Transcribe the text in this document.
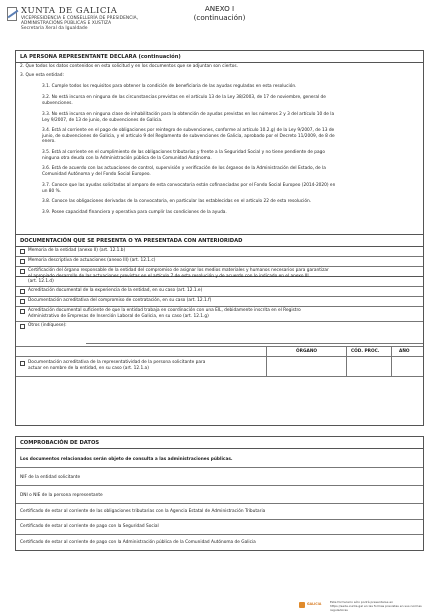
XUNTA DE GALICIA
VICEPRESIDENCIA E CONSELLERÍA DE PRESIDENCIA,
ADMINISTRACIÓNS PÚBLICAS E XUSTIZA
Secretaría Xeral da Igualdade
ANEXO I
(continuación)
LA PERSONA REPRESENTANTE DECLARA (continuación)
2. Que todos los datos contenidos en esta solicitud y en los documentos que se adjuntan son ciertos.
3. Que esta entidad:
3.1. Cumple todos los requisitos para obtener la condición de beneficiaria de las ayudas reguladas en esta resolución.
3.2. No está incursa en ninguna de las circunstancias previstas en el artículo 13 de la Ley 38/2003, de 17 de noviembre, general de
subvenciones.
3.3. No está incursa en ninguna clase de inhabilitación para la obtención de ayudas previstas en los números 2 y 3 del artículo 10 de la
Ley 9/2007, de 13 de junio, de subvenciones de Galicia.
3.4. Está al corriente en el pago de obligaciones por reintegro de subvenciones, conforme al artículo 10.2.g) de la Ley 9/2007, de 13 de
junio, de subvenciones de Galicia, y el artículo 9 del Reglamento de subvenciones de Galicia, aprobado por el Decreto 11/2009, de 8 de
enero.
3.5. Está al corriente en el cumplimiento de las obligaciones tributarias y frente a la Seguridad Social y no tiene pendiente de pago
ninguna otra deuda con la Administración pública de la Comunidad Autónoma.
3.6. Está de acuerdo con las actuaciones de control, supervisión y verificación de los órganos de la Administración del Estado, de la
Comunidad Autónoma y del Fondo Social Europeo.
3.7. Conoce que las ayudas solicitadas al amparo de esta convocatoria están cofinanciadas por el Fondo Social Europeo (2014-2020) en
un 80 %.
3.8. Conoce las obligaciones derivadas de la convocatoria, en particular las establecidas en el artículo 22 de esta resolución.
3.9. Posee capacidad financiera y operativa para cumplir las condiciones de la ayuda.
DOCUMENTACIÓN QUE SE PRESENTA O YA PRESENTADA CON ANTERIORIDAD
Memoria de la entidad (anexo II) (art. 12.1.b)
Memoria descriptiva de actuaciones (anexo III) (art. 12.1.c)
Certificación del órgano responsable de la entidad del compromiso de asignar los medios materiales y humanos necesarios para garantizar
el apropiado desarrollo de las actuaciones previstas en el artículo 7 de esta resolución y de acuerdo con lo indicado en el anexo III
(art. 12.1.d)
Acreditación documental de la experiencia de la entidad, en su caso (art. 12.1.e)
Documentación acreditativa del compromiso de contratación, en su caso (art. 12.1.f)
Acreditación documental suficiente de que la entidad trabaja en coordinación con una EIL, debidamente inscrita en el Registro
Administrativo de Empresas de Inserción Laboral de Galicia, en su caso (art. 12.1.g)
Otros (indíquese):
ÓRGANO	CÓD. PROC.	AÑO
Documentación acreditativa de la representatividad de la persona solicitante para
actuar en nombre de la entidad, en su caso (art. 12.1.a)
COMPROBACIÓN DE DATOS
Los documentos relacionados serán objeto de consulta a las administraciones públicas.
NIF de la entidad solicitante
DNI o NIE de la persona representante
Certificado de estar al corriente de las obligaciones tributarias con la Agencia Estatal de Administración Tributaria
Certificado de estar al corriente de pago con la Seguridad Social
Certificado de estar al corriente de pago con la Administración pública de la Comunidad Autónoma de Galicia
GALICIA	Este formulario sólo podrá presentarse en
https://sede.xunta.gal en las formas previstas en sus normas reguladoras
